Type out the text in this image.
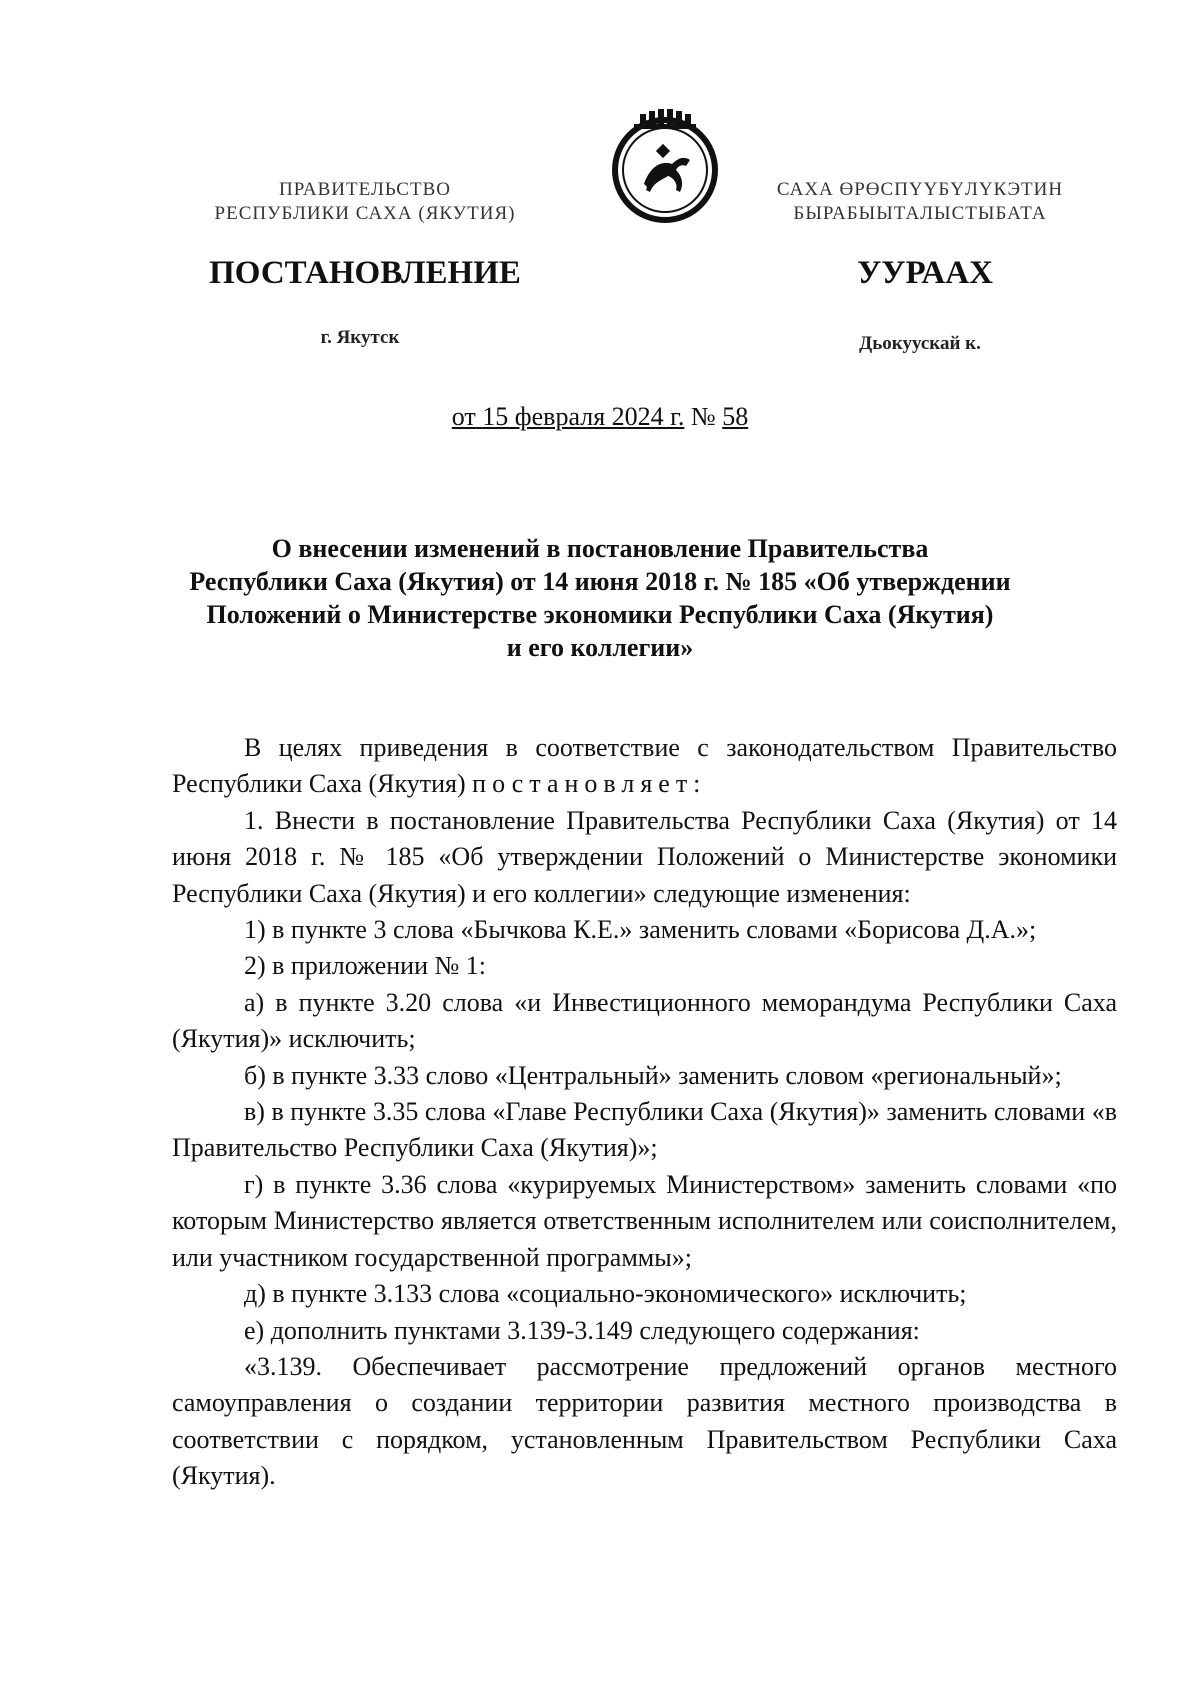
ПРАВИТЕЛЬСТВО
РЕСПУБЛИКИ САХА (ЯКУТИЯ)
САХА ӨРӨСПҮҮБҮЛҮКЭТИН
БЫРАБЫЫТАЛЫСТЫБАТА
ПОСТАНОВЛЕНИЕ	УУРААХ
г. Якутск	Дьокуускай к.
от 15 февраля 2024 г. № 58
О внесении изменений в постановление Правительства
Республики Саха (Якутия) от 14 июня 2018 г. № 185 «Об утверждении
Положений о Министерстве экономики Республики Саха (Якутия)
и его коллегии»

В целях приведения в соответствие с законодательством Правительство Республики Саха (Якутия) постановляет:

1. Внести в постановление Правительства Республики Саха (Якутия) от 14 июня 2018 г. № 185 «Об утверждении Положений о Министерстве экономики Республики Саха (Якутия) и его коллегии» следующие изменения:

1) в пункте 3 слова «Бычкова К.Е.» заменить словами «Борисова Д.А.»;

2) в приложении № 1:

а) в пункте 3.20 слова «и Инвестиционного меморандума Республики Саха (Якутия)» исключить;

б) в пункте 3.33 слово «Центральный» заменить словом «региональный»;

в) в пункте 3.35 слова «Главе Республики Саха (Якутия)» заменить словами «в Правительство Республики Саха (Якутия)»;

г) в пункте 3.36 слова «курируемых Министерством» заменить словами «по которым Министерство является ответственным исполнителем или соисполнителем, или участником государственной программы»;

д) в пункте 3.133 слова «социально-экономического» исключить;

е) дополнить пунктами 3.139-3.149 следующего содержания:

«3.139. Обеспечивает рассмотрение предложений органов местного самоуправления о создании территории развития местного производства в соответствии с порядком, установленным Правительством Республики Саха (Якутия).
